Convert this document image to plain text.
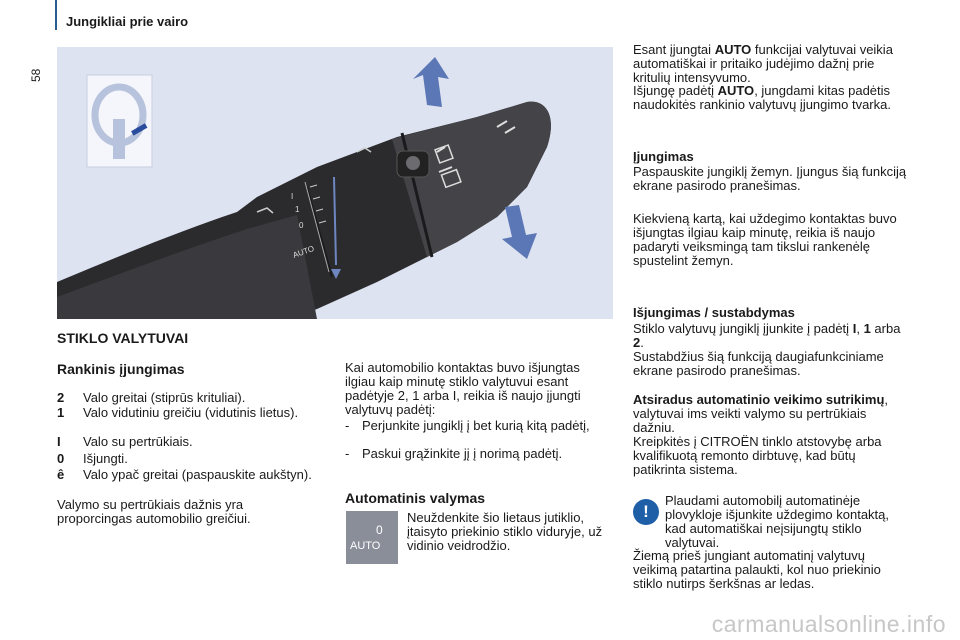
Jungikliai prie vairo
58
I
1
0
AUTO
STIKLO VALYTUVAI
Rankinis įjungimas
2 Valo greitai (stiprūs krituliai).
1 Valo vidutiniu greičiu (vidutinis lietus).
I Valo su pertrūkiais.
0 Išjungti.
ê Valo ypač greitai (paspauskite aukštyn).
Valymo su pertrūkiais dažnis yra proporcingas automobilio greičiui.
Kai automobilio kontaktas buvo išjungtas ilgiau kaip minutę stiklo valytuvui esant padėtyje 2, 1 arba I, reikia iš naujo įjungti valytuvų padėtį:
- Perjunkite jungiklį į bet kurią kitą padėtį,
- Paskui grąžinkite jį į norimą padėtį.
Automatinis valymas
0
AUTO
Neuždenkite šio lietaus jutiklio, įtaisyto priekinio stiklo viduryje, už vidinio veidrodžio.
Esant įjungtai AUTO funkcijai valytuvai veikia automatiškai ir pritaiko judėjimo dažnį prie kritulių intensyvumo.
Išjungę padėtį AUTO, jungdami kitas padėtis naudokitės rankinio valytuvų įjungimo tvarka.
Įjungimas
Paspauskite jungiklį žemyn. Įjungus šią funkciją ekrane pasirodo pranešimas.
Kiekvieną kartą, kai uždegimo kontaktas buvo išjungtas ilgiau kaip minutę, reikia iš naujo padaryti veiksmingą tam tikslui rankenėlę spustelint žemyn.
Išjungimas / sustabdymas
Stiklo valytuvų jungiklį įjunkite į padėtį I, 1 arba 2.
Sustabdžius šią funkciją daugiafunkciniame ekrane pasirodo pranešimas.
Atsiradus automatinio veikimo sutrikimų, valytuvai ims veikti valymo su pertrūkiais dažniu.
Kreipkitės į CITROËN tinklo atstovybę arba kvalifikuotą remonto dirbtuvę, kad būtų patikrinta sistema.
!
Plaudami automobilį automatinėje plovykloje išjunkite uždegimo kontaktą, kad automatiškai neįsijungtų stiklo valytuvai.
Žiemą prieš jungiant automatinį valytuvų veikimą patartina palaukti, kol nuo priekinio stiklo nutirps šerkšnas ar ledas.
carmanualsonline.info
